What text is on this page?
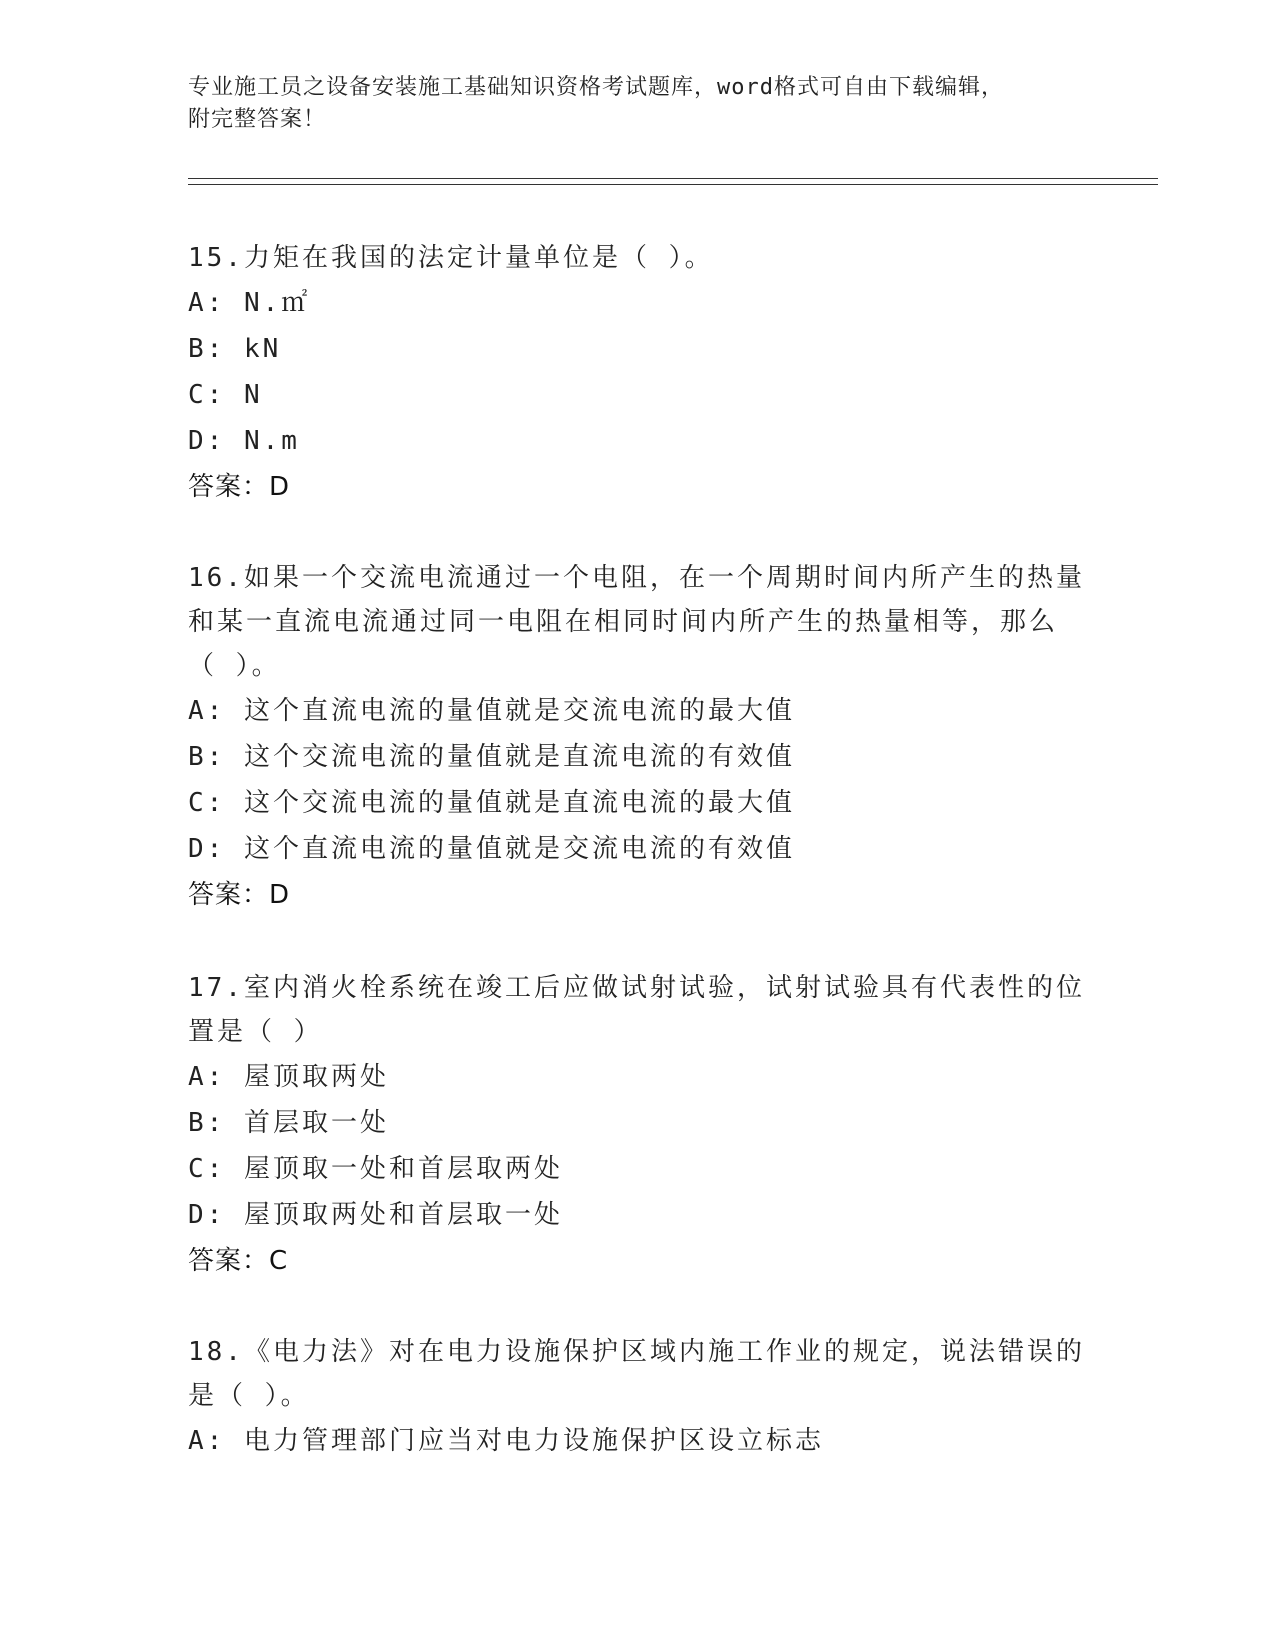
专业施工员之设备安装施工基础知识资格考试题库，word格式可自由下载编辑，
附完整答案！

15.力矩在我国的法定计量单位是（ ）。

A: N.㎡

B: kN

C: N

D: N.m

答案：D

16.如果一个交流电流通过一个电阻，在一个周期时间内所产生的热量

和某一直流电流通过同一电阻在相同时间内所产生的热量相等，那么

（ ）。

A: 这个直流电流的量值就是交流电流的最大值

B: 这个交流电流的量值就是直流电流的有效值

C: 这个交流电流的量值就是直流电流的最大值

D: 这个直流电流的量值就是交流电流的有效值

答案：D

17.室内消火栓系统在竣工后应做试射试验，试射试验具有代表性的位

置是（ ）

A: 屋顶取两处

B: 首层取一处

C: 屋顶取一处和首层取两处

D: 屋顶取两处和首层取一处

答案：C

18.《电力法》对在电力设施保护区域内施工作业的规定，说法错误的

是（ ）。

A: 电力管理部门应当对电力设施保护区设立标志
